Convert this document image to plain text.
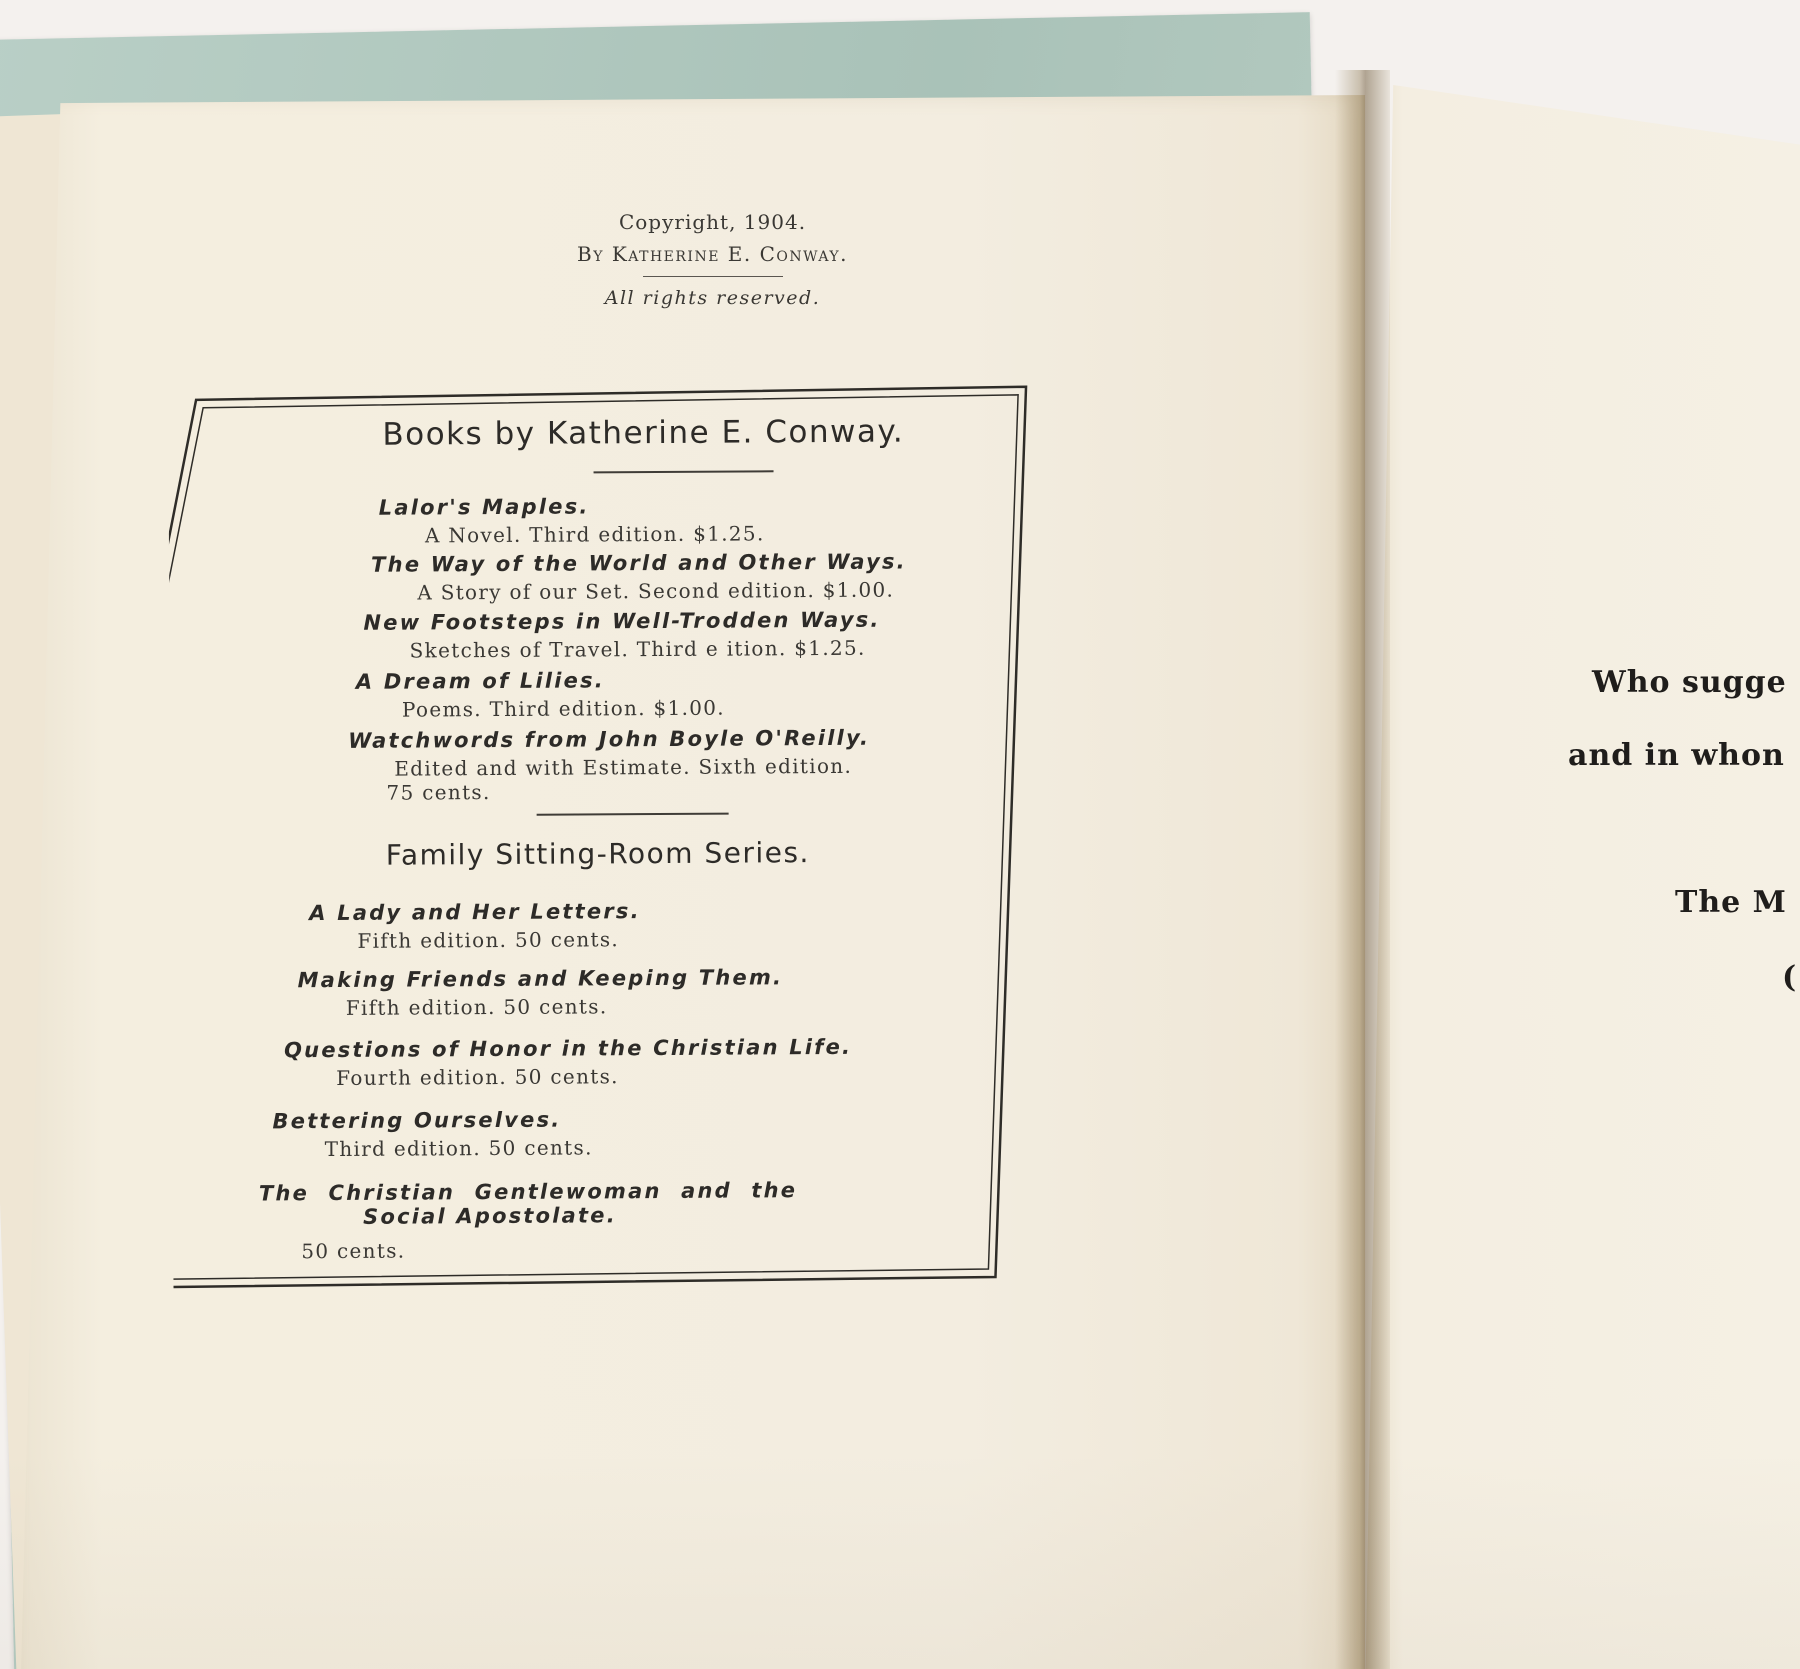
Copyright, 1904.
By Katherine E. Conway.
All rights reserved.
Books by Katherine E. Conway.
Lalor's Maples.
A Novel. Third edition. $1.25.
The Way of the World and Other Ways.
A Story of our Set. Second edition. $1.00.
New Footsteps in Well-Trodden Ways.
Sketches of Travel. Third e ition. $1.25.
A Dream of Lilies.
Poems. Third edition. $1.00.
Watchwords from John Boyle O'Reilly.
Edited and with Estimate. Sixth edition.
75 cents.
Family Sitting-Room Series.
A Lady and Her Letters.
Fifth edition. 50 cents.
Making Friends and Keeping Them.
Fifth edition. 50 cents.
Questions of Honor in the Christian Life.
Fourth edition. 50 cents.
Bettering Ourselves.
Third edition. 50 cents.
The Christian Gentlewoman and the
Social Apostolate.
50 cents.
Who sugge
and in whon
The M
(
